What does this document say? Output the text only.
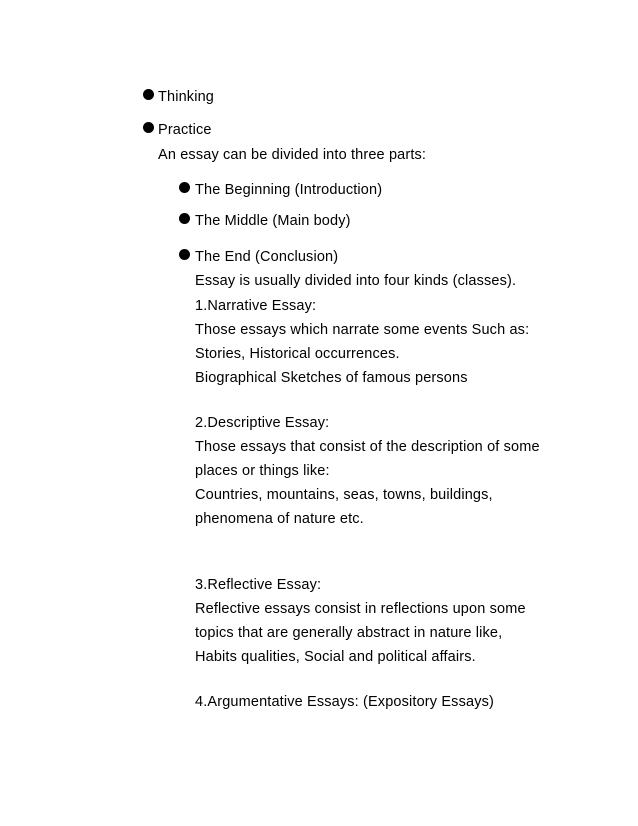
Thinking
Practice
An essay can be divided into three parts:
The Beginning (Introduction)
The Middle (Main body)
The End (Conclusion)
Essay is usually divided into four kinds (classes).
1.Narrative Essay:
Those essays which narrate some events Such as:
Stories, Historical occurrences.
Biographical Sketches of famous persons
2.Descriptive Essay:
Those essays that consist of the description of some
places or things like:
Countries, mountains, seas, towns, buildings,
phenomena of nature etc.
3.Reflective Essay:
Reflective essays consist in reflections upon some
topics that are generally abstract in nature like,
Habits qualities, Social and political affairs.
4.Argumentative Essays: (Expository Essays)
